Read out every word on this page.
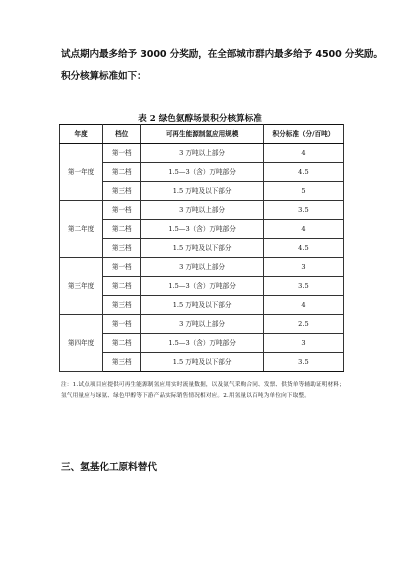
试点期内最多给予 3000 分奖励，在全部城市群内最多给予 4500 分奖励。
积分核算标准如下：
表 2 绿色氨醇场景积分核算标准
年度	档位	可再生能源制氢应用规模	积分标准（分/百吨）
第一年度	第一档	3 万吨以上部分	4
	第二档	1.5—3（含）万吨部分	4.5
	第三档	1.5 万吨及以下部分	5
第二年度	第一档	3 万吨以上部分	3.5
	第二档	1.5—3（含）万吨部分	4
	第三档	1.5 万吨及以下部分	4.5
第三年度	第一档	3 万吨以上部分	3
	第二档	1.5—3（含）万吨部分	3.5
	第三档	1.5 万吨及以下部分	4
第四年度	第一档	3 万吨以上部分	2.5
	第二档	1.5—3（含）万吨部分	3
	第三档	1.5 万吨及以下部分	3.5
注：1.试点项目应提供可再生能源制氢应用实时流量数据，以及氨气采购合同、发票、供货单等辅助证明材料；氢气用量应与绿氨、绿色甲醇等下游产品实际销售情况相对应。2.用氢量以百吨为单位向下取整。
三、氢基化工原料替代
